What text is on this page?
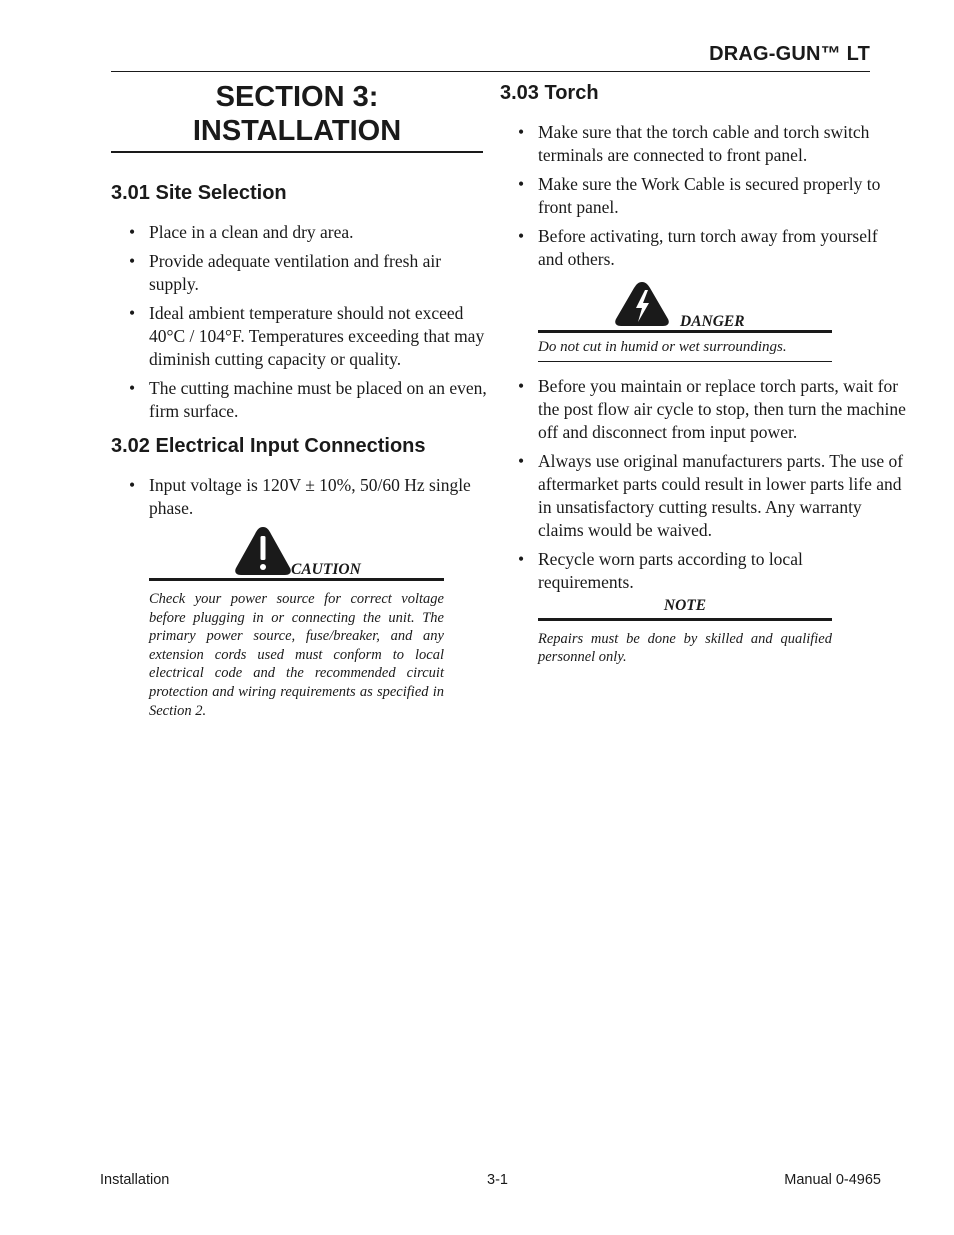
DRAG-GUN™ LT
SECTION 3:
INSTALLATION
3.01 Site Selection
• Place in a clean and dry area.
• Provide adequate ventilation and fresh air supply.
• Ideal ambient temperature should not exceed 40°C / 104°F. Temperatures exceeding that may diminish cutting capacity or quality.
• The cutting machine must be placed on an even, firm surface.
3.02 Electrical Input Connections
• Input voltage is 120V ± 10%, 50/60 Hz single phase.
CAUTION
Check your power source for correct voltage before plugging in or connecting the unit. The primary power source, fuse/breaker, and any extension cords used must conform to local electrical code and the recommended circuit protection and wiring requirements as specified in Section 2.
3.03 Torch
• Make sure that the torch cable and torch switch terminals are connected to front panel.
• Make sure the Work Cable is secured properly to front panel.
• Before activating, turn torch away from yourself and others.
DANGER
Do not cut in humid or wet surroundings.
• Before you maintain or replace torch parts, wait for the post flow air cycle to stop, then turn the machine off and disconnect from input power.
• Always use original manufacturers parts. The use of aftermarket parts could result in lower parts life and in unsatisfactory cutting results. Any warranty claims would be waived.
• Recycle worn parts according to local requirements.
NOTE
Repairs must be done by skilled and qualified personnel only.
Installation	3-1	Manual 0-4965
